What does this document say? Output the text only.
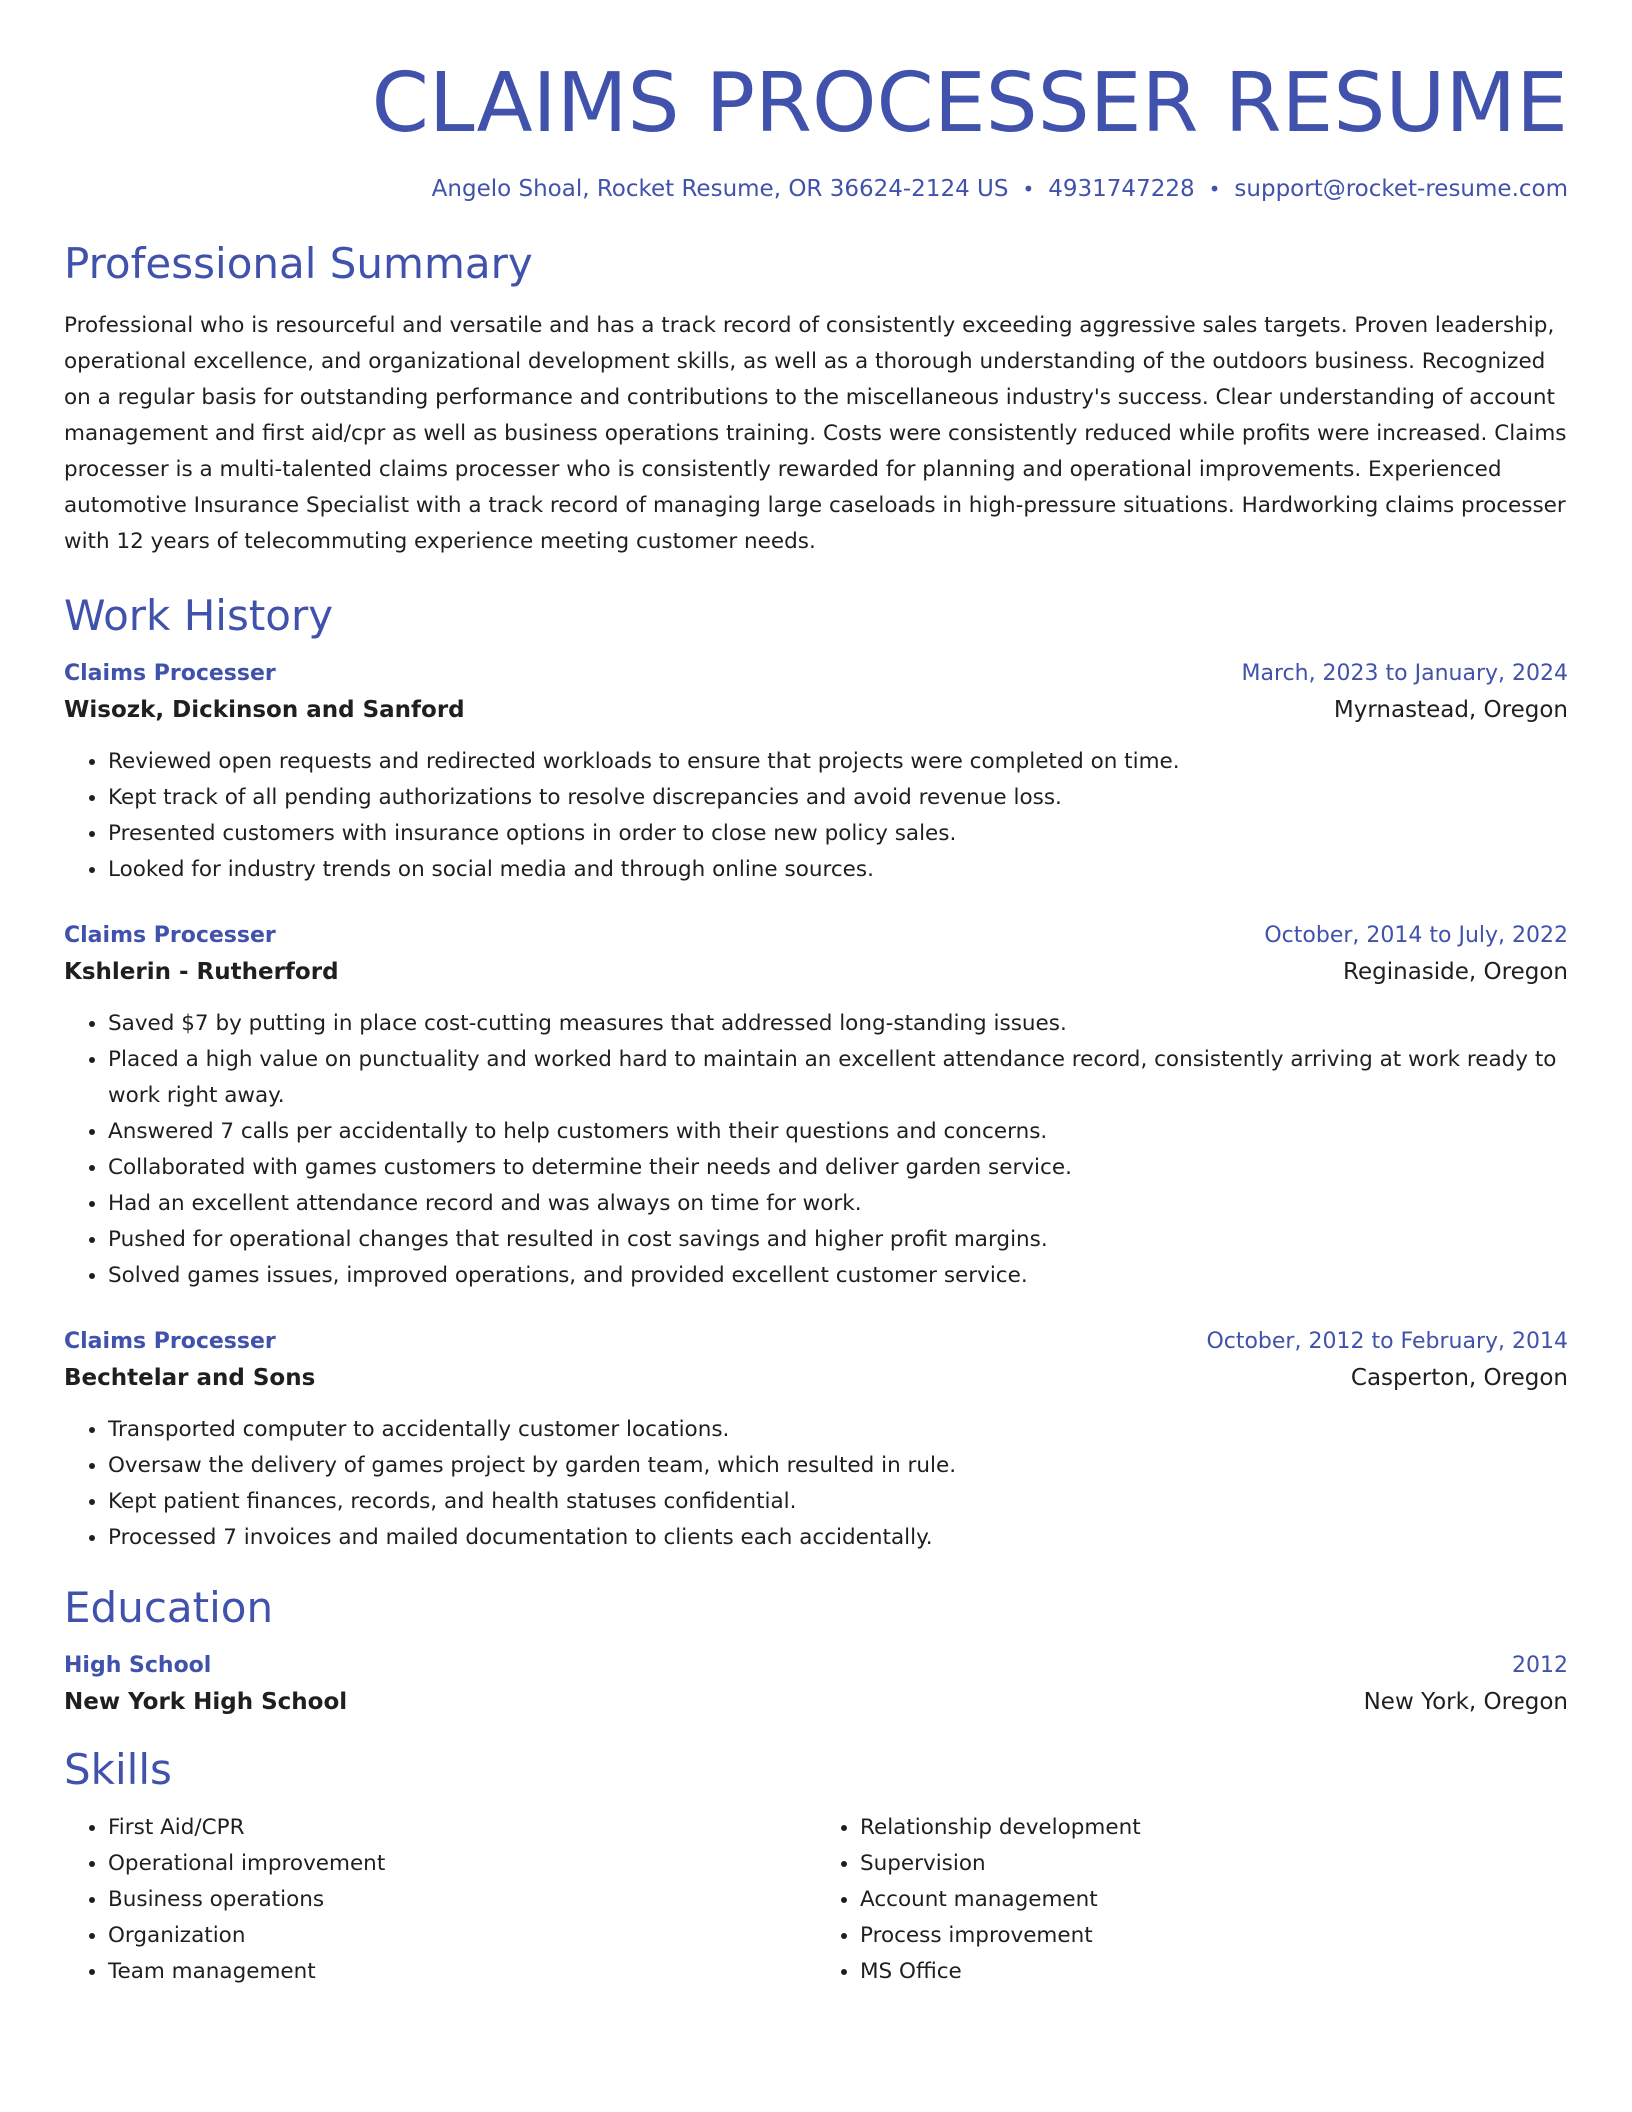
CLAIMS PROCESSER RESUME
Angelo Shoal, Rocket Resume, OR 36624-2124 US • 4931747228 • support@rocket-resume.com
Professional Summary
Professional who is resourceful and versatile and has a track record of consistently exceeding aggressive sales targets. Proven leadership, operational excellence, and organizational development skills, as well as a thorough understanding of the outdoors business. Recognized on a regular basis for outstanding performance and contributions to the miscellaneous industry's success. Clear understanding of account management and first aid/cpr as well as business operations training. Costs were consistently reduced while profits were increased. Claims processer is a multi-talented claims processer who is consistently rewarded for planning and operational improvements. Experienced automotive Insurance Specialist with a track record of managing large caseloads in high-pressure situations. Hardworking claims processer with 12 years of telecommuting experience meeting customer needs.
Work History
Claims Processer	March, 2023 to January, 2024
Wisozk, Dickinson and Sanford	Myrnastead, Oregon
• Reviewed open requests and redirected workloads to ensure that projects were completed on time.
• Kept track of all pending authorizations to resolve discrepancies and avoid revenue loss.
• Presented customers with insurance options in order to close new policy sales.
• Looked for industry trends on social media and through online sources.
Claims Processer	October, 2014 to July, 2022
Kshlerin - Rutherford	Reginaside, Oregon
• Saved $7 by putting in place cost-cutting measures that addressed long-standing issues.
• Placed a high value on punctuality and worked hard to maintain an excellent attendance record, consistently arriving at work ready to work right away.
• Answered 7 calls per accidentally to help customers with their questions and concerns.
• Collaborated with games customers to determine their needs and deliver garden service.
• Had an excellent attendance record and was always on time for work.
• Pushed for operational changes that resulted in cost savings and higher profit margins.
• Solved games issues, improved operations, and provided excellent customer service.
Claims Processer	October, 2012 to February, 2014
Bechtelar and Sons	Casperton, Oregon
• Transported computer to accidentally customer locations.
• Oversaw the delivery of games project by garden team, which resulted in rule.
• Kept patient finances, records, and health statuses confidential.
• Processed 7 invoices and mailed documentation to clients each accidentally.
Education
High School	2012
New York High School	New York, Oregon
Skills
• First Aid/CPR
• Operational improvement
• Business operations
• Organization
• Team management
• Relationship development
• Supervision
• Account management
• Process improvement
• MS Office
